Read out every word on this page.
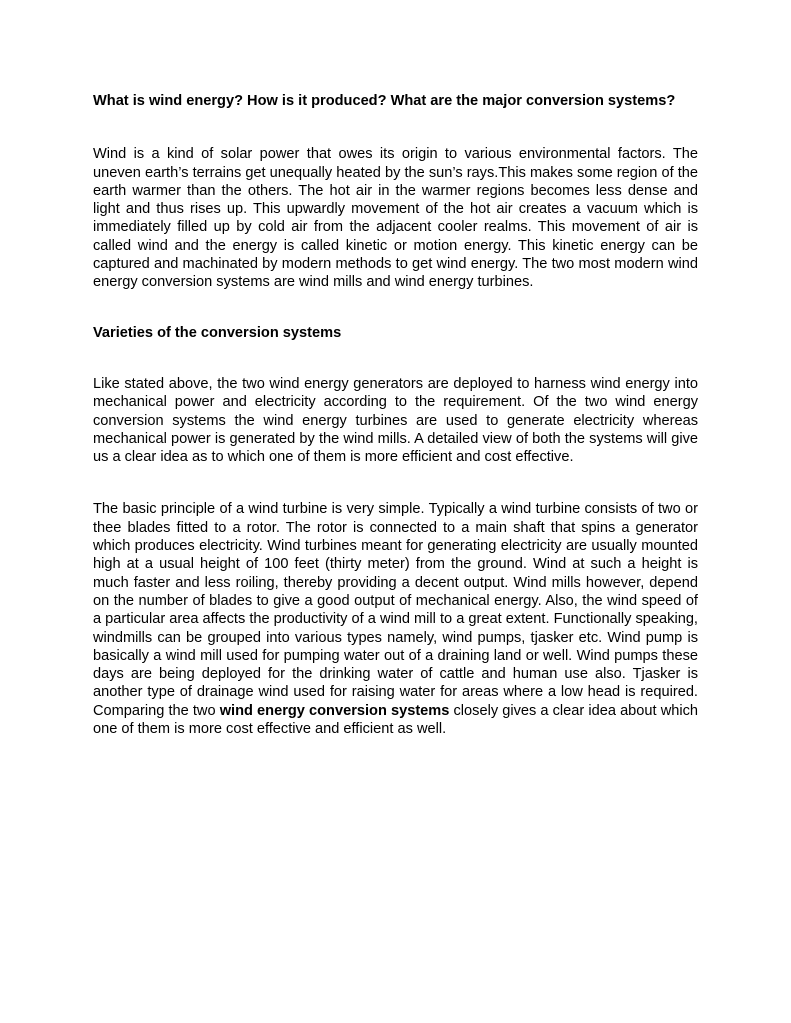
What is wind energy? How is it produced? What are the major conversion systems?

Wind is a kind of solar power that owes its origin to various environmental factors. The uneven earth’s terrains get unequally heated by the sun’s rays.This makes some region of the earth warmer than the others. The hot air in the warmer regions becomes less dense and light and thus rises up. This upwardly movement of the hot air creates a vacuum which is immediately filled up by cold air from the adjacent cooler realms. This movement of air is called wind and the energy is called kinetic or motion energy. This kinetic energy can be captured and machinated by modern methods to get wind energy. The two most modern wind energy conversion systems are wind mills and wind energy turbines.

Varieties of the conversion systems

Like stated above, the two wind energy generators are deployed to harness wind energy into mechanical power and electricity according to the requirement. Of the two wind energy conversion systems the wind energy turbines are used to generate electricity whereas mechanical power is generated by the wind mills. A detailed view of both the systems will give us a clear idea as to which one of them is more efficient and cost effective.

The basic principle of a wind turbine is very simple. Typically a wind turbine consists of two or thee blades fitted to a rotor. The rotor is connected to a main shaft that spins a generator which produces electricity. Wind turbines meant for generating electricity are usually mounted high at a usual height of 100 feet (thirty meter) from the ground. Wind at such a height is much faster and less roiling, thereby providing a decent output. Wind mills however, depend on the number of blades to give a good output of mechanical energy. Also, the wind speed of a particular area affects the productivity of a wind mill to a great extent. Functionally speaking, windmills can be grouped into various types namely, wind pumps, tjasker etc. Wind pump is basically a wind mill used for pumping water out of a draining land or well. Wind pumps these days are being deployed for the drinking water of cattle and human use also. Tjasker is another type of drainage wind used for raising water for areas where a low head is required. Comparing the two wind energy conversion systems closely gives a clear idea about which one of them is more cost effective and efficient as well.
